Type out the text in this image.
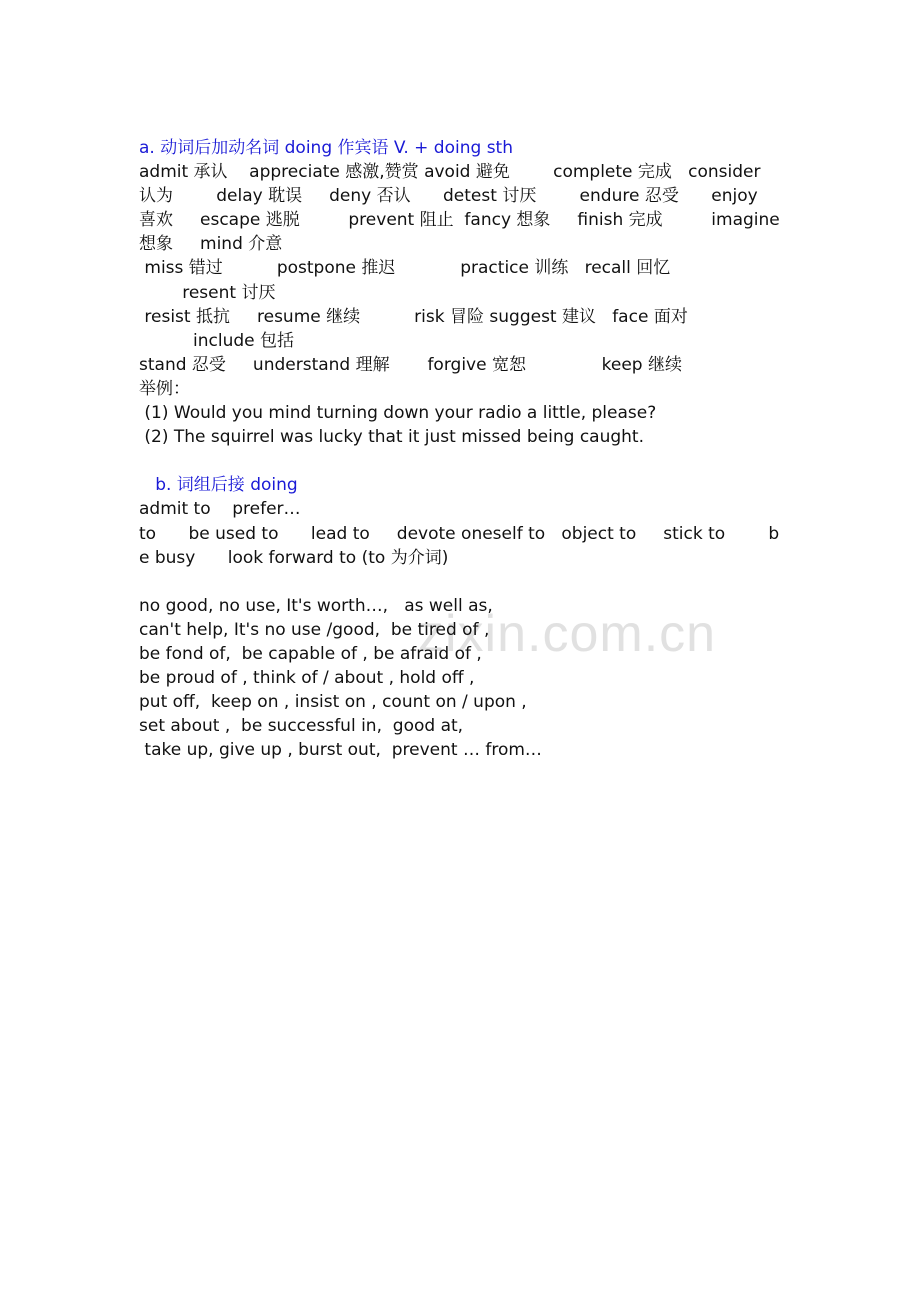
zixin.com.cn
a. 动词后加动名词 doing 作宾语 V. + doing sth
admit 承认    appreciate 感激,赞赏 avoid 避免        complete 完成   consider
认为        delay 耽误     deny 否认      detest 讨厌        endure 忍受      enjoy
喜欢     escape 逃脱         prevent 阻止  fancy 想象     finish 完成         imagine
想象     mind 介意
miss 错过          postpone 推迟            practice 训练   recall 回忆
resent 讨厌
resist 抵抗     resume 继续          risk 冒险 suggest 建议   face 面对
include 包括
stand 忍受     understand 理解       forgive 宽恕              keep 继续
举例：
(1) Would you mind turning down your radio a little, please?
(2) The squirrel was lucky that it just missed being caught.
b. 词组后接 doing
admit to    prefer…
to      be used to      lead to     devote oneself to   object to     stick to        b
e busy      look forward to (to 为介词)
no good, no use, It's worth…,   as well as,
can't help, It's no use /good,  be tired of ,
be fond of,  be capable of , be afraid of ,
be proud of , think of / about , hold off ,
put off,  keep on , insist on , count on / upon ,
set about ,  be successful in,  good at,
take up, give up , burst out,  prevent … from…
